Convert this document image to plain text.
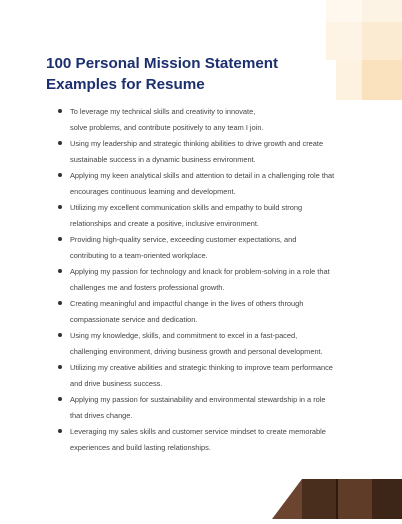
100 Personal Mission Statement
Examples for Resume
To leverage my technical skills and creativity to innovate,
solve problems, and contribute positively to any team I join.
Using my leadership and strategic thinking abilities to drive growth and create
sustainable success in a dynamic business environment.
Applying my keen analytical skills and attention to detail in a challenging role that
encourages continuous learning and development.
Utilizing my excellent communication skills and empathy to build strong
relationships and create a positive, inclusive environment.
Providing high-quality service, exceeding customer expectations, and
contributing to a team-oriented workplace.
Applying my passion for technology and knack for problem-solving in a role that
challenges me and fosters professional growth.
Creating meaningful and impactful change in the lives of others through
compassionate service and dedication.
Using my knowledge, skills, and commitment to excel in a fast-paced,
challenging environment, driving business growth and personal development.
Utilizing my creative abilities and strategic thinking to improve team performance
and drive business success.
Applying my passion for sustainability and environmental stewardship in a role
that drives change.
Leveraging my sales skills and customer service mindset to create memorable
experiences and build lasting relationships.
